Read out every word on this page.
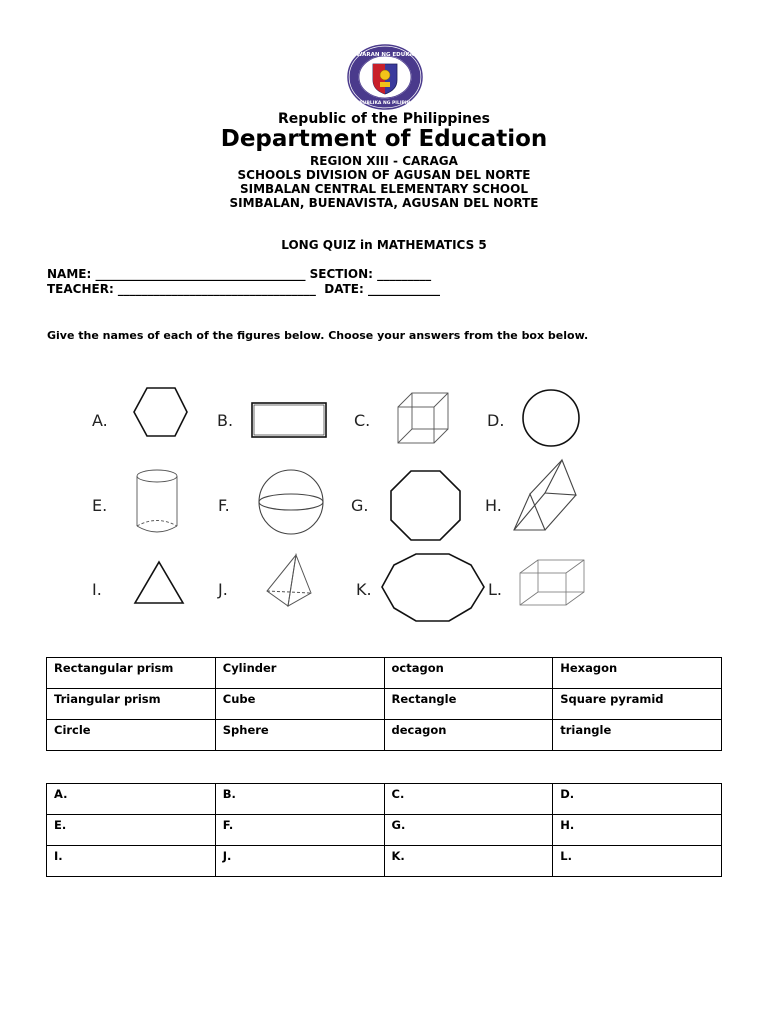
KAGAWARAN NG EDUKASYON
REPUBLIKA NG PILIPINAS
Republic of the Philippines
Department of Education
REGION XIII - CARAGA
SCHOOLS DIVISION OF AGUSAN DEL NORTE
SIMBALAN CENTRAL ELEMENTARY SCHOOL
SIMBALAN, BUENAVISTA, AGUSAN DEL NORTE
LONG QUIZ in MATHEMATICS 5
NAME: ___________________________________ SECTION: _________
TEACHER: _________________________________  DATE: ____________
Give the names of each of the figures below. Choose your answers from the box below.
A.	B.	C.	D.
E.	F.	G.	H.
I.	J.	K.	L.
Rectangular prism	Cylinder	octagon	Hexagon
Triangular prism	Cube	Rectangle	Square pyramid
Circle	Sphere	decagon	triangle
A.	B.	C.	D.
E.	F.	G.	H.
I.	J.	K.	L.
